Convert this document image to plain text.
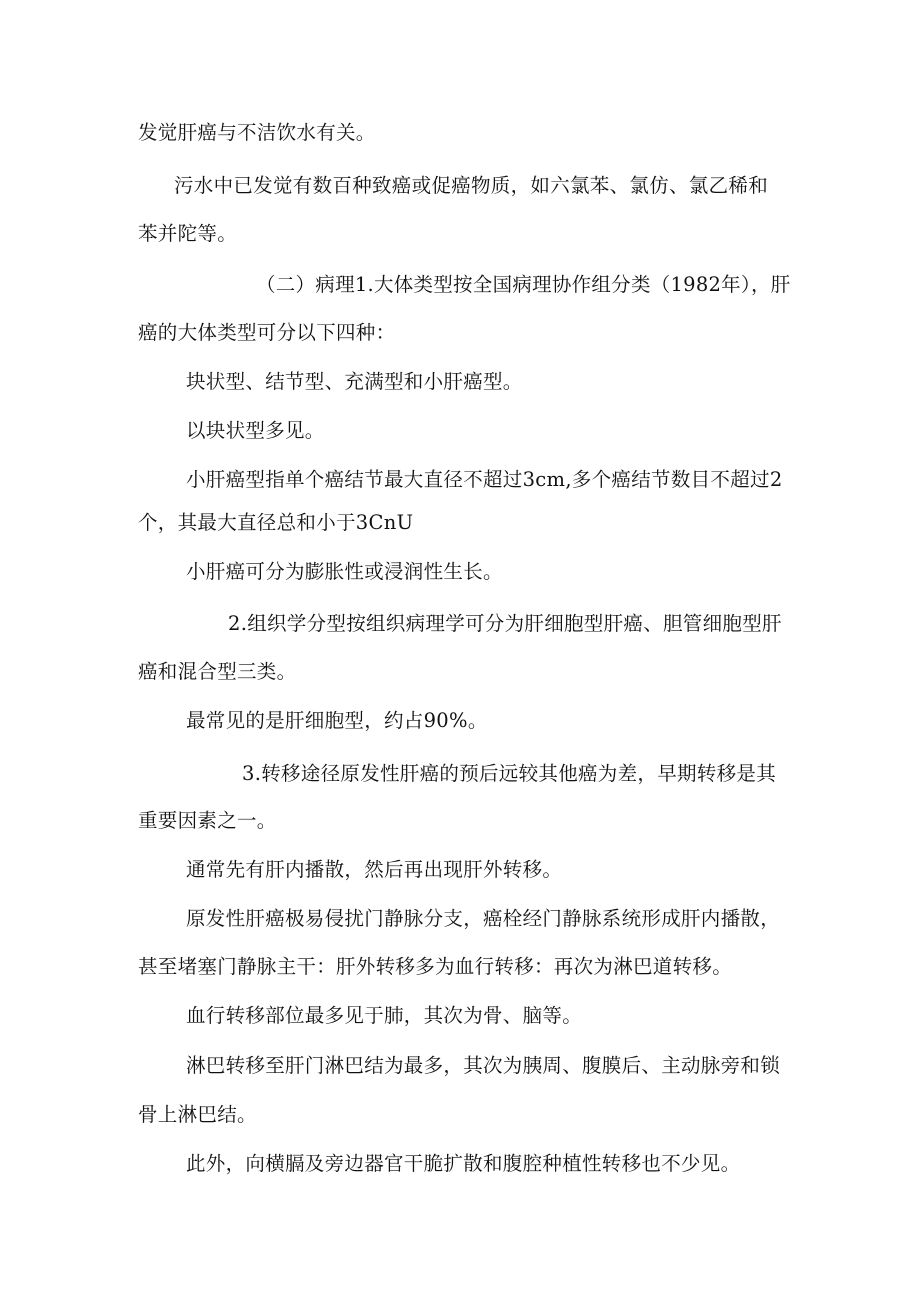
发觉肝癌与不洁饮水有关。
污水中已发觉有数百种致癌或促癌物质，如六氯苯、氯仿、氯乙稀和
苯并陀等。
（二）病理1.大体类型按全国病理协作组分类（1982年），肝
癌的大体类型可分以下四种：
块状型、结节型、充满型和小肝癌型。
以块状型多见。
小肝癌型指单个癌结节最大直径不超过3cm,多个癌结节数目不超过2
个，其最大直径总和小于3CnU
小肝癌可分为膨胀性或浸润性生长。
2.组织学分型按组织病理学可分为肝细胞型肝癌、胆管细胞型肝
癌和混合型三类。
最常见的是肝细胞型，约占90%。
3.转移途径原发性肝癌的预后远较其他癌为差，早期转移是其
重要因素之一。
通常先有肝内播散，然后再出现肝外转移。
原发性肝癌极易侵扰门静脉分支，癌栓经门静脉系统形成肝内播散，
甚至堵塞门静脉主干：肝外转移多为血行转移：再次为淋巴道转移。
血行转移部位最多见于肺，其次为骨、脑等。
淋巴转移至肝门淋巴结为最多，其次为胰周、腹膜后、主动脉旁和锁
骨上淋巴结。
此外，向横膈及旁边器官干脆扩散和腹腔种植性转移也不少见。
